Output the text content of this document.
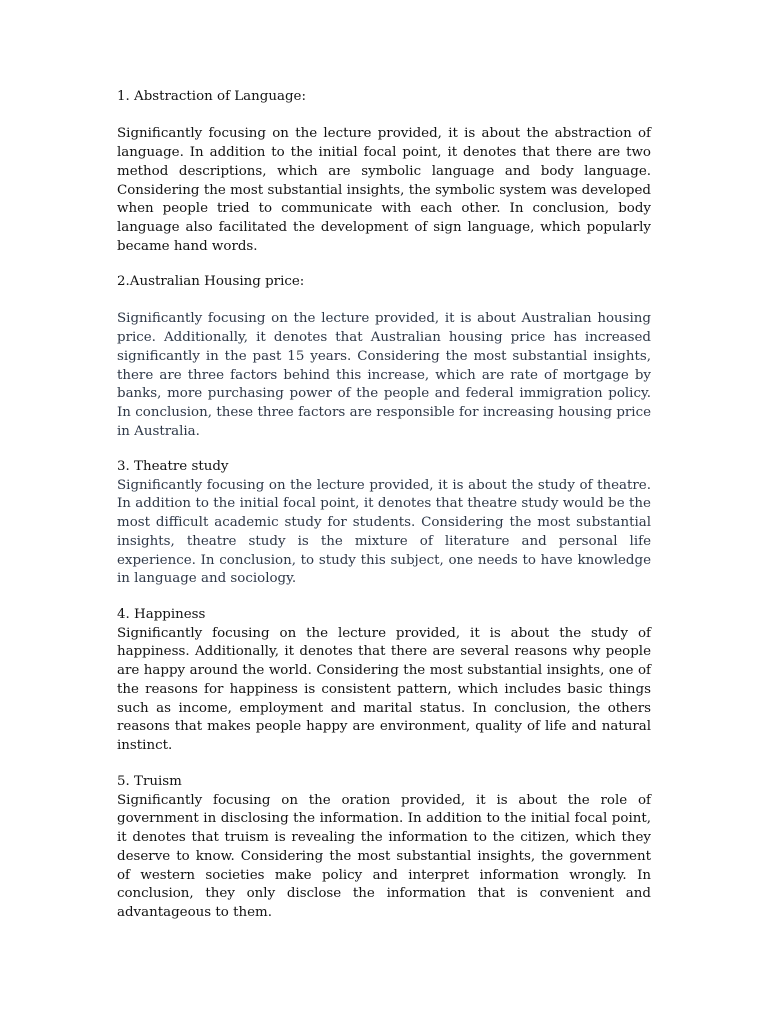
1. Abstraction of Language:

Significantly focusing on the lecture provided, it is about the abstraction of language. In addition to the initial focal point, it denotes that there are two method descriptions, which are symbolic language and body language. Considering the most substantial insights, the symbolic system was developed when people tried to communicate with each other. In conclusion, body language also facilitated the development of sign language, which popularly became hand words.

2.Australian Housing price:

Significantly focusing on the lecture provided, it is about Australian housing price. Additionally, it denotes that Australian housing price has increased significantly in the past 15 years. Considering the most substantial insights, there are three factors behind this increase, which are rate of mortgage by banks, more purchasing power of the people and federal immigration policy. In conclusion, these three factors are responsible for increasing housing price in Australia.

3. Theatre study

Significantly focusing on the lecture provided, it is about the study of theatre. In addition to the initial focal point, it denotes that theatre study would be the most difficult academic study for students. Considering the most substantial insights, theatre study is the mixture of literature and personal life experience. In conclusion, to study this subject, one needs to have knowledge in language and sociology.

4. Happiness

Significantly focusing on the lecture provided, it is about the study of happiness. Additionally, it denotes that there are several reasons why people are happy around the world. Considering the most substantial insights, one of the reasons for happiness is consistent pattern, which includes basic things such as income, employment and marital status. In conclusion, the others reasons that makes people happy are environment, quality of life and natural instinct.

5. Truism

Significantly focusing on the oration provided, it is about the role of government in disclosing the information. In addition to the initial focal point, it denotes that truism is revealing the information to the citizen, which they deserve to know. Considering the most substantial insights, the government of western societies make policy and interpret information wrongly. In conclusion, they only disclose the information that is convenient and advantageous to them.
